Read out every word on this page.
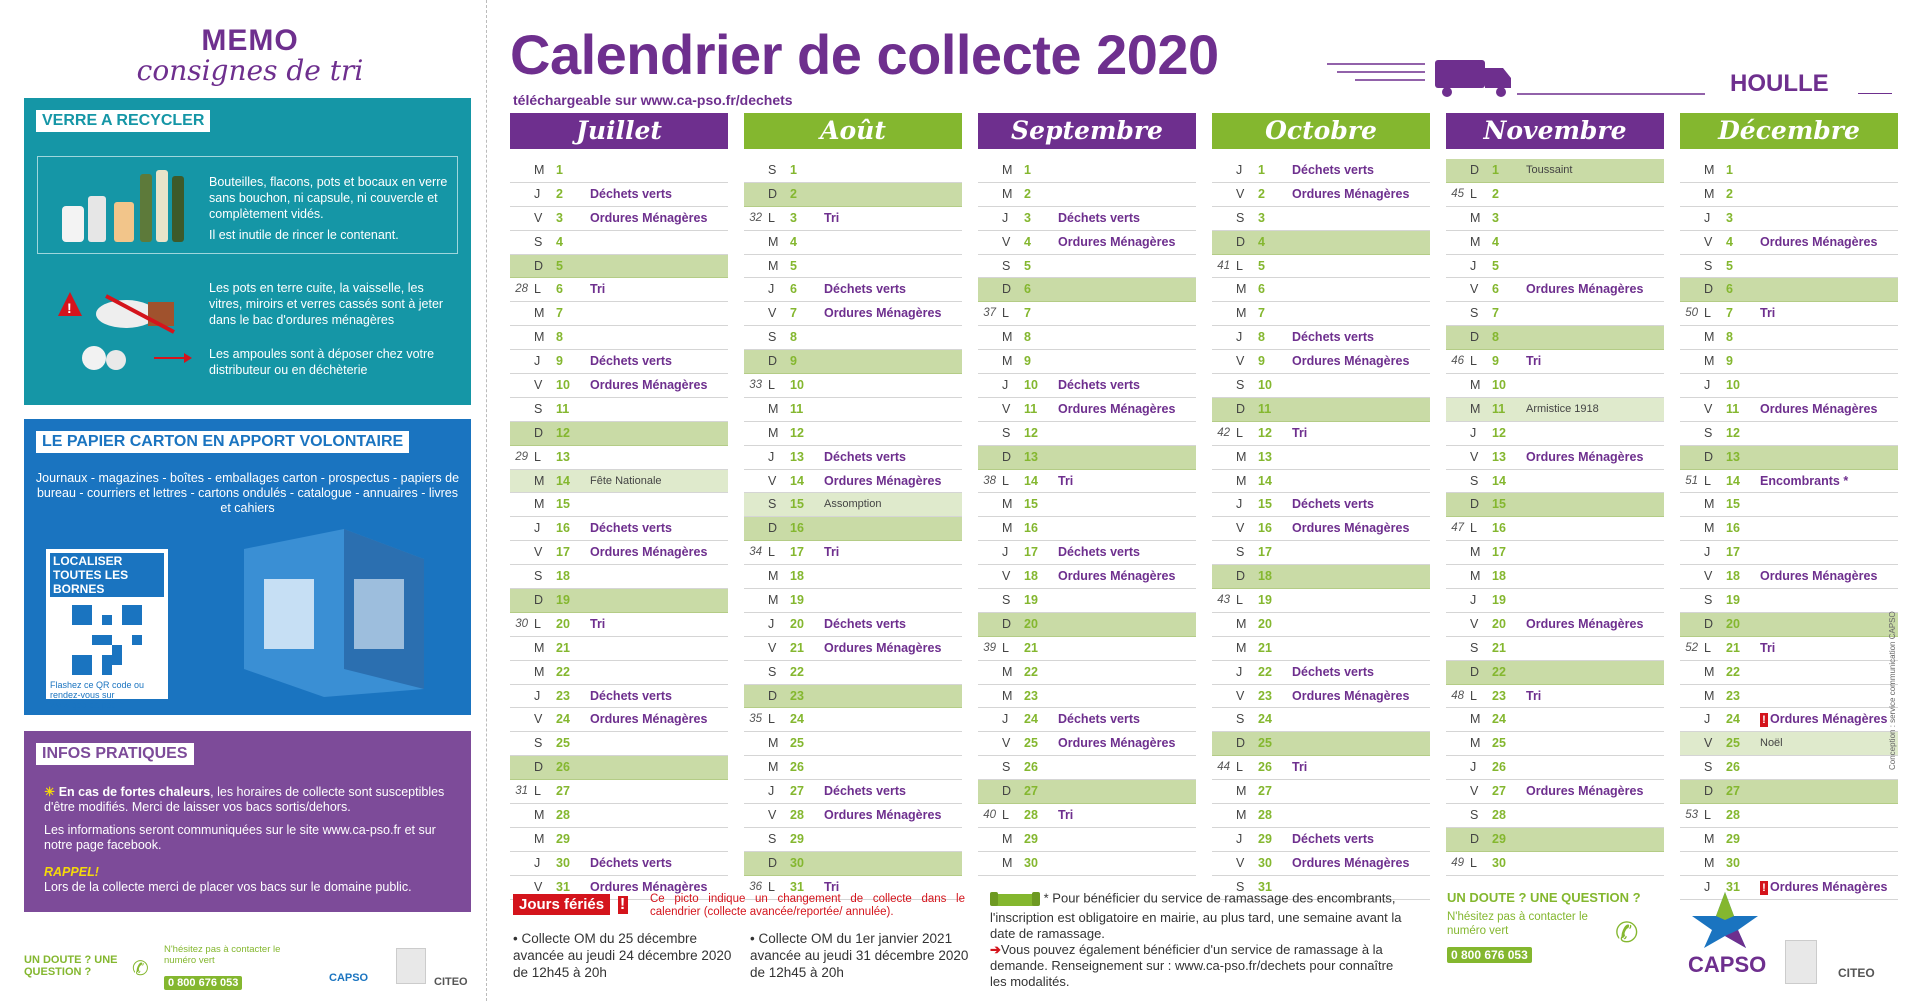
MEMO
consignes de tri
VERRE A RECYCLER
Bouteilles, flacons, pots et bocaux en verre sans bouchon, ni capsule, ni couvercle et complètement vidés.
Il est inutile de rincer le contenant.
!
Les pots en terre cuite, la vaisselle, les vitres, miroirs et verres cassés sont à jeter dans le bac d'ordures ménagères
Les ampoules sont à déposer chez votre distributeur ou en déchèterie
LE PAPIER CARTON EN APPORT VOLONTAIRE
Journaux - magazines - boîtes - emballages carton - prospectus - papiers de bureau - courriers et lettres - cartons ondulés - catalogue - annuaires - livres et cahiers
LOCALISER TOUTES LES BORNES
Flashez ce QR code ou rendez-vous sur www.geo.ca-pso.fr
INFOS PRATIQUES
☀ En cas de fortes chaleurs, les horaires de collecte sont susceptibles d'être modifiés. Merci de laisser vos bacs sortis/dehors.
Les informations seront communiquées sur le site www.ca-pso.fr et sur notre page facebook.
RAPPEL!
Lors de la collecte merci de placer vos bacs sur le domaine public.
UN DOUTE ? UNE QUESTION ?	✆
N'hésitez pas à contacter le numéro vert
0 800 676 053	CAPSO	CITEO
Calendrier de collecte 2020
téléchargeable sur www.ca-pso.fr/dechets
HOULLE
Juillet
M 1
J	2	Déchets verts
V	3	Ordures Ménagères
S	4
D	5
28 L	6	Tri
M 7
M 8
J	9	Déchets verts
V	10	Ordures Ménagères
S	11
D	12
29 L	13
M 14	Fête Nationale
M 15
J	16	Déchets verts
V	17	Ordures Ménagères
S	18
D	19
30 L	20	Tri
M 21
M 22
J	23	Déchets verts
V	24	Ordures Ménagères
S	25
D	26
31 L	27
M 28
M 29
J	30	Déchets verts
V	31	Ordures Ménagères
Août
S	1
D	2
32 L	3	Tri
M 4
M 5
J	6	Déchets verts
V	7	Ordures Ménagères
S	8
D	9
33 L	10
M 11
M 12
J	13	Déchets verts
V	14	Ordures Ménagères
S	15	Assomption
D	16
34 L	17	Tri
M 18
M 19
J	20	Déchets verts
V	21	Ordures Ménagères
S	22
D	23
35 L	24
M 25
M 26
J	27	Déchets verts
V	28	Ordures Ménagères
S	29
D	30
36 L	31	Tri
Septembre
M 1
M 2
J	3	Déchets verts
V	4	Ordures Ménagères
S	5
D	6
37 L	7
M 8
M 9
J	10	Déchets verts
V	11	Ordures Ménagères
S	12
D	13
38 L	14	Tri
M 15
M 16
J	17	Déchets verts
V	18	Ordures Ménagères
S	19
D	20
39 L	21
M 22
M 23
J	24	Déchets verts
V	25	Ordures Ménagères
S	26
D	27
40 L	28	Tri
M 29
M 30
Octobre
J	1	Déchets verts
V	2	Ordures Ménagères
S	3
D	4
41 L	5
M 6
M 7
J	8	Déchets verts
V	9	Ordures Ménagères
S	10
D	11
42 L	12	Tri
M 13
M 14
J	15	Déchets verts
V	16	Ordures Ménagères
S	17
D	18
43 L	19
M 20
M 21
J	22	Déchets verts
V	23	Ordures Ménagères
S	24
D	25
44 L	26	Tri
M 27
M 28
J	29	Déchets verts
V	30	Ordures Ménagères
S	31
Novembre
D	1	Toussaint
45 L	2
M 3
M 4
J	5
V	6	Ordures Ménagères
S	7
D	8
46 L	9	Tri
M 10
M 11	Armistice 1918
J	12
V	13	Ordures Ménagères
S	14
D	15
47 L	16
M 17
M 18
J	19
V	20	Ordures Ménagères
S	21
D	22
48 L	23	Tri
M 24
M 25
J	26
V	27	Ordures Ménagères
S	28
D	29
49 L	30
Décembre
M 1
M 2
J	3
V	4	Ordures Ménagères
S	5
D	6
50 L	7	Tri
M 8
M 9
J	10
V	11	Ordures Ménagères
S	12
D	13
51 L	14	Encombrants *
M 15
M 16
J	17
V	18	Ordures Ménagères
S	19
D	20
52 L	21	Tri
M 22
M 23
J	24	! Ordures Ménagères
V	25	Noël
S	26
D	27
53 L	28
M 29
M 30
J	31	! Ordures Ménagères
Jours fériés !	Ce picto indique un changement de collecte dans le calendrier (collecte avancée/reportée/ annulée).
• Collecte OM du 25 décembre avancée au jeudi 24 décembre 2020 de 12h45 à 20h
• Collecte OM du 1er janvier 2021 avancée au jeudi 31 décembre 2020 de 12h45 à 20h
* Pour bénéficier du service de ramassage des encombrants, l'inscription est obligatoire en mairie, au plus tard, une semaine avant la date de ramassage.
➔Vous pouvez également bénéficier d'un service de ramassage à la demande. Renseignement sur : www.ca-pso.fr/dechets pour connaître les modalités.
UN DOUTE ? UNE QUESTION ?
N'hésitez pas à contacter le numéro vert	✆
0 800 676 053	CAPSO	CITEO
Conception : service communication CAPSO
